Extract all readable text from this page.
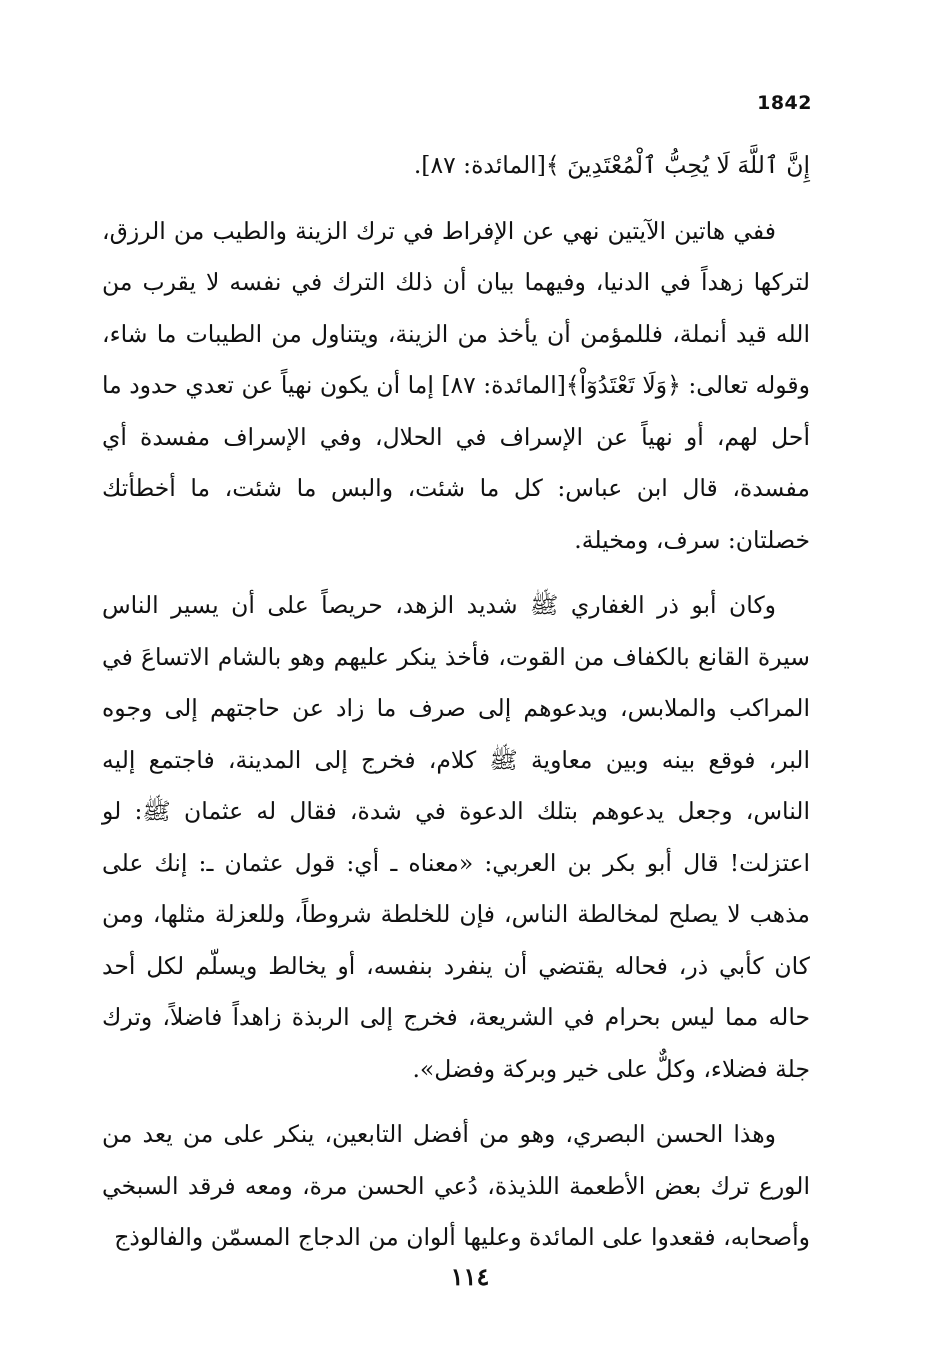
1842

إِنَّ ٱللَّهَ لَا يُحِبُّ ٱلْمُعْتَدِينَ ﴾[المائدة: ٨٧].

ففي هاتين الآيتين نهي عن الإفراط في ترك الزينة والطيب من الرزق، لتركها زهداً في الدنيا، وفيهما بيان أن ذلك الترك في نفسه لا يقرب من الله قيد أنملة، فللمؤمن أن يأخذ من الزينة، ويتناول من الطيبات ما شاء، وقوله تعالى: ﴿وَلَا تَعْتَدُوٓاْ﴾[المائدة: ٨٧] إما أن يكون نهياً عن تعدي حدود ما أحل لهم، أو نهياً عن الإسراف في الحلال، وفي الإسراف مفسدة أي مفسدة، قال ابن عباس: كل ما شئت، والبس ما شئت، ما أخطأتك خصلتان: سرف، ومخيلة.

وكان أبو ذر الغفاري ﷺ شديد الزهد، حريصاً على أن يسير الناس سيرة القانع بالكفاف من القوت، فأخذ ينكر عليهم وهو بالشام الاتساعَ في المراكب والملابس، ويدعوهم إلى صرف ما زاد عن حاجتهم إلى وجوه البر، فوقع بينه وبين معاوية ﷺ كلام، فخرج إلى المدينة، فاجتمع إليه الناس، وجعل يدعوهم بتلك الدعوة في شدة، فقال له عثمان ﷺ: لو اعتزلت! قال أبو بكر بن العربي: «معناه ـ أي: قول عثمان ـ: إنك على مذهب لا يصلح لمخالطة الناس، فإن للخلطة شروطاً، وللعزلة مثلها، ومن كان كأبي ذر، فحاله يقتضي أن ينفرد بنفسه، أو يخالط ويسلّم لكل أحد حاله مما ليس بحرام في الشريعة، فخرج إلى الربذة زاهداً فاضلاً، وترك جلة فضلاء، وكلٌّ على خير وبركة وفضل».

وهذا الحسن البصري، وهو من أفضل التابعين، ينكر على من يعد من الورع ترك بعض الأطعمة اللذيذة، دُعي الحسن مرة، ومعه فرقد السبخي وأصحابه، فقعدوا على المائدة وعليها ألوان من الدجاج المسمّن والفالوذج

١١٤
